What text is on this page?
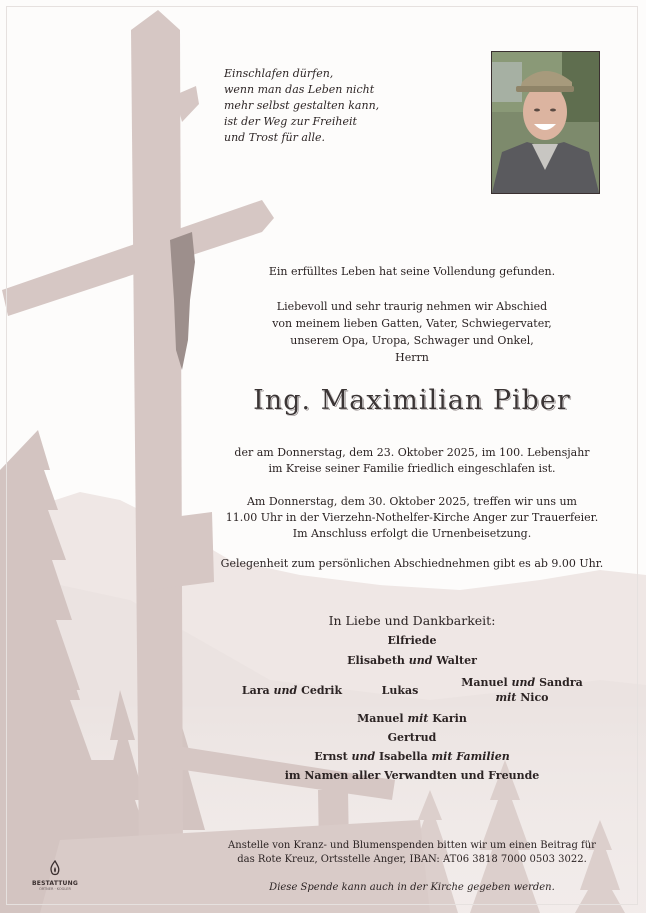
Einschlafen dürfen,
wenn man das Leben nicht
mehr selbst gestalten kann,
ist der Weg zur Freiheit
und Trost für alle.
Ein erfülltes Leben hat seine Vollendung gefunden.
Liebevoll und sehr traurig nehmen wir Abschied
von meinem lieben Gatten, Vater, Schwiegervater,
unserem Opa, Uropa, Schwager und Onkel,
Herrn
Ing. Maximilian Piber
der am Donnerstag, dem 23. Oktober 2025, im 100. Lebensjahr
im Kreise seiner Familie friedlich eingeschlafen ist.
Am Donnerstag, dem 30. Oktober 2025, treffen wir uns um
11.00 Uhr in der Vierzehn-Nothelfer-Kirche Anger zur Trauerfeier.
Im Anschluss erfolgt die Urnenbeisetzung.
Gelegenheit zum persönlichen Abschiednehmen gibt es ab 9.00 Uhr.
In Liebe und Dankbarkeit:
Elfriede
Elisabeth und Walter
Lara und Cedrik	Lukas
Manuel und Sandra
mit Nico
Manuel mit Karin
Gertrud
Ernst und Isabella mit Familien
im Namen aller Verwandten und Freunde
Anstelle von Kranz- und Blumenspenden bitten wir um einen Beitrag für
das Rote Kreuz, Ortsstelle Anger, IBAN: AT06 3818 7000 0503 3022.
Diese Spende kann auch in der Kirche gegeben werden.
BESTATTUNG
ORTNER · KOGLER
